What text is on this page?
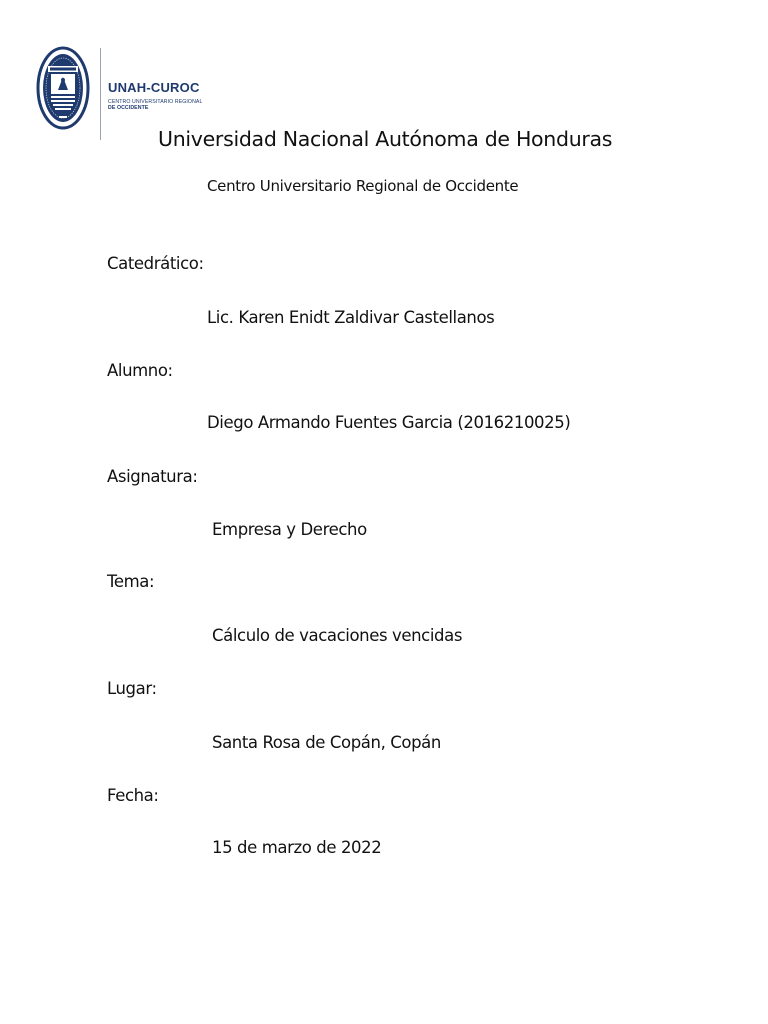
UNAH-CUROC
CENTRO UNIVERSITARIO REGIONAL
DE OCCIDENTE
Universidad Nacional Autónoma de Honduras
Centro Universitario Regional de Occidente
Catedrático:
Lic. Karen Enidt Zaldivar Castellanos
Alumno:
Diego Armando Fuentes Garcia (2016210025)
Asignatura:
Empresa y Derecho
Tema:
Cálculo de vacaciones vencidas
Lugar:
Santa Rosa de Copán, Copán
Fecha:
15 de marzo de 2022
